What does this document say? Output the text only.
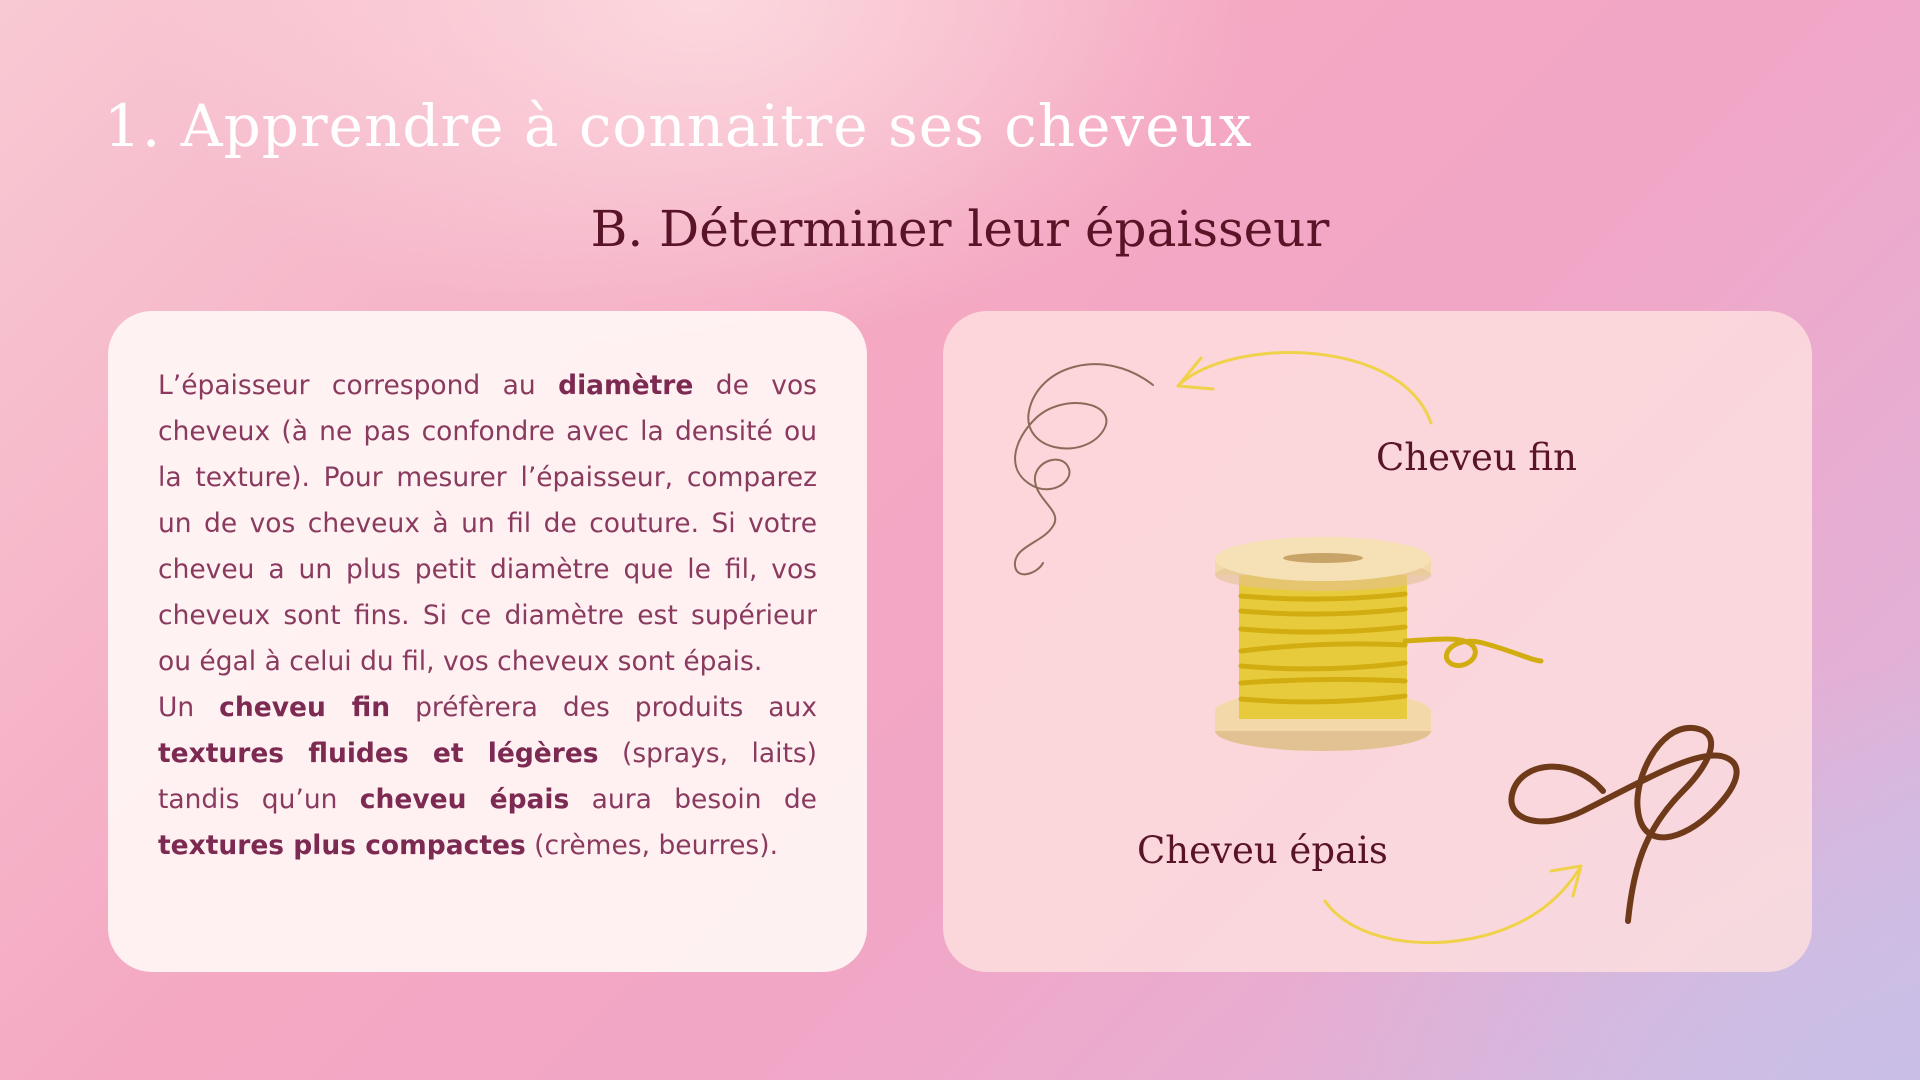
1. Apprendre à connaitre ses cheveux
B. Déterminer leur épaisseur

L’épaisseur correspond au diamètre de vos cheveux (à ne pas confondre avec la densité ou la texture). Pour mesurer l’épaisseur, comparez un de vos cheveux à un fil de couture. Si votre cheveu a un plus petit diamètre que le fil, vos cheveux sont fins. Si ce diamètre est supérieur ou égal à celui du fil, vos cheveux sont épais.

Un cheveu fin préfèrera des produits aux textures fluides et légères (sprays, laits) tandis qu’un cheveu épais aura besoin de textures plus compactes (crèmes, beurres).

Cheveu fin

Cheveu épais
